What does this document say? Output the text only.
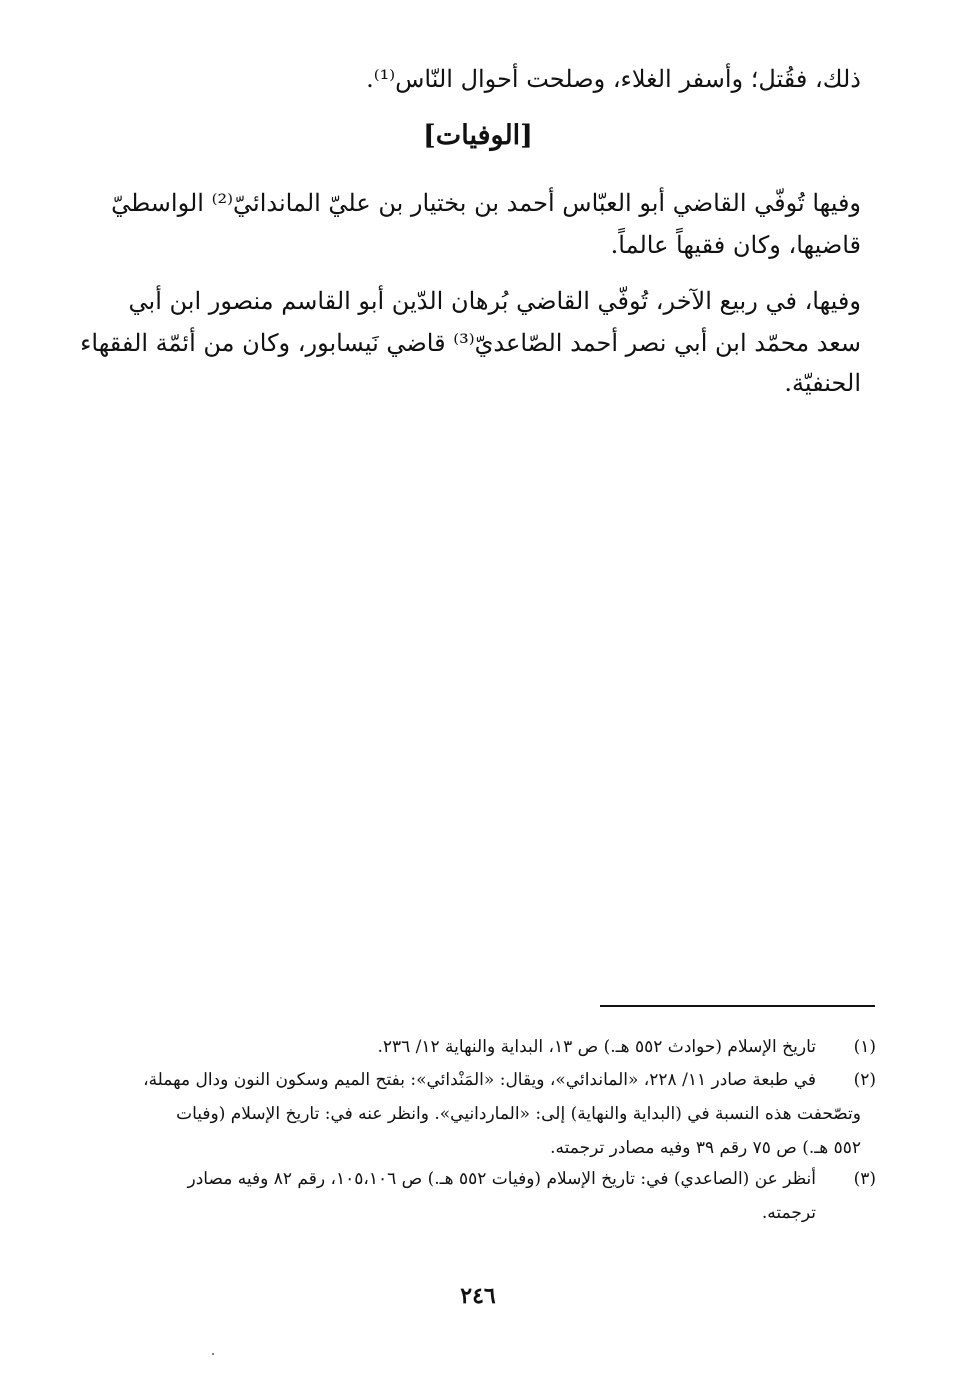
ذلك، فقُتل؛ وأسفر الغلاء، وصلحت أحوال النّاس⁽¹⁾.
[الوفيات]
وفيها تُوفّي القاضي أبو العبّاس أحمد بن بختيار بن عليّ الماندائيّ⁽²⁾ الواسطيّ
قاضيها، وكان فقيهاً عالماً.
وفيها، في ربيع الآخر، تُوفّي القاضي بُرهان الدّين أبو القاسم منصور ابن أبي
سعد محمّد ابن أبي نصر أحمد الصّاعديّ⁽³⁾ قاضي نَيسابور، وكان من أئمّة الفقهاء
الحنفيّة.
(١)
تاريخ الإسلام (حوادث ٥٥٢ هـ.) ص ١٣، البداية والنهاية ١٢/ ٢٣٦.
(٢)
في طبعة صادر ١١/ ٢٢٨، «الماندائي»، ويقال: «المَنْدائي»: بفتح الميم وسكون النون ودال مهملة،
وتصّحفت هذه النسبة في (البداية والنهاية) إلى: «الماردانيي». وانظر عنه في: تاريخ الإسلام (وفيات
٥٥٢ هـ.) ص ٧٥ رقم ٣٩ وفيه مصادر ترجمته.
(٣)
أنظر عن (الصاعدي) في: تاريخ الإسلام (وفيات ٥٥٢ هـ.) ص ١٠٥،١٠٦، رقم ٨٢ وفيه مصادر
ترجمته.
٢٤٦
